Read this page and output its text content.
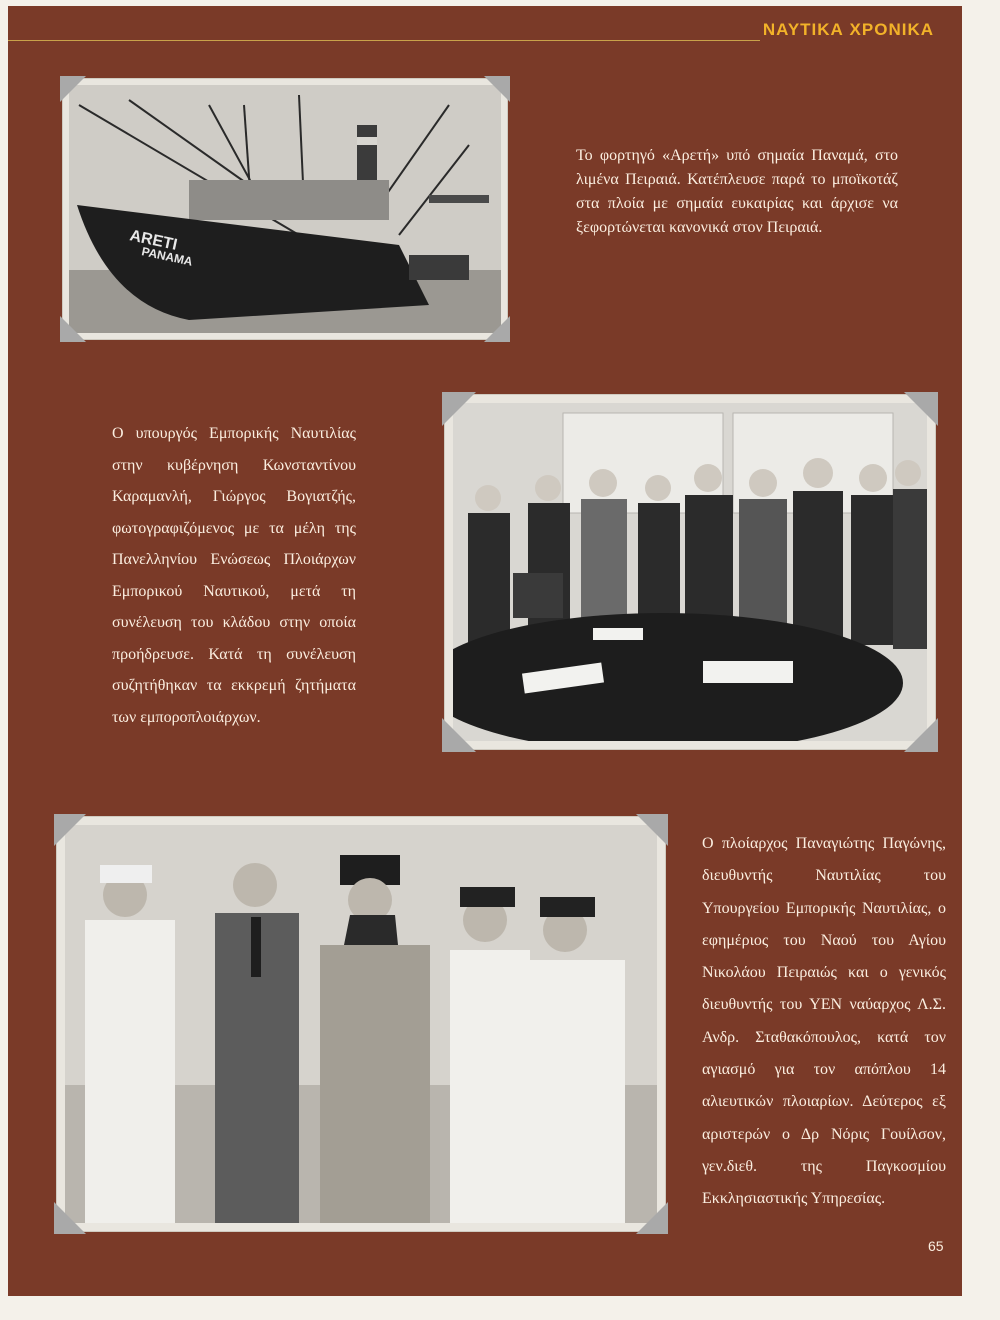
ΝΑΥΤΙΚΑ ΧΡΟΝΙΚΑ
ARETI
PANAMA

Το φορτηγό «Αρετή» υπό σημαία Παναμά, στο λιμένα Πειραιά. Κατέπλευσε παρά το μποϊκοτάζ στα πλοία με σημαία ευκαιρίας και άρχισε να ξεφορτώνεται κανονικά στον Πειραιά.

Ο υπουργός Εμπορικής Ναυτιλίας στην κυβέρνηση Κωνσταντίνου Καραμανλή, Γιώργος Βογιατζής, φωτογραφιζόμενος με τα μέλη της Πανελληνίου Ενώσεως Πλοιάρχων Εμπορικού Ναυτικού, μετά τη συνέλευση του κλάδου στην οποία προήδρευσε. Κατά τη συνέλευση συζητήθηκαν τα εκκρεμή ζητήματα των εμποροπλοιάρχων.

Ο πλοίαρχος Παναγιώτης Παγώνης, διευθυντής Ναυτιλίας του Υπουργείου Εμπορικής Ναυτιλίας, ο εφημέριος του Ναού του Αγίου Νικολάου Πειραιώς και ο γενικός διευθυντής του ΥΕΝ ναύαρχος Λ.Σ. Ανδρ. Σταθακόπουλος, κατά τον αγιασμό για τον απόπλου 14 αλιευτικών πλοιαρίων. Δεύτερος εξ αριστερών ο Δρ Νόρις Γουίλσον, γεν.διεθ. της Παγκοσμίου Εκκλησιαστικής Υπηρεσίας.

65
